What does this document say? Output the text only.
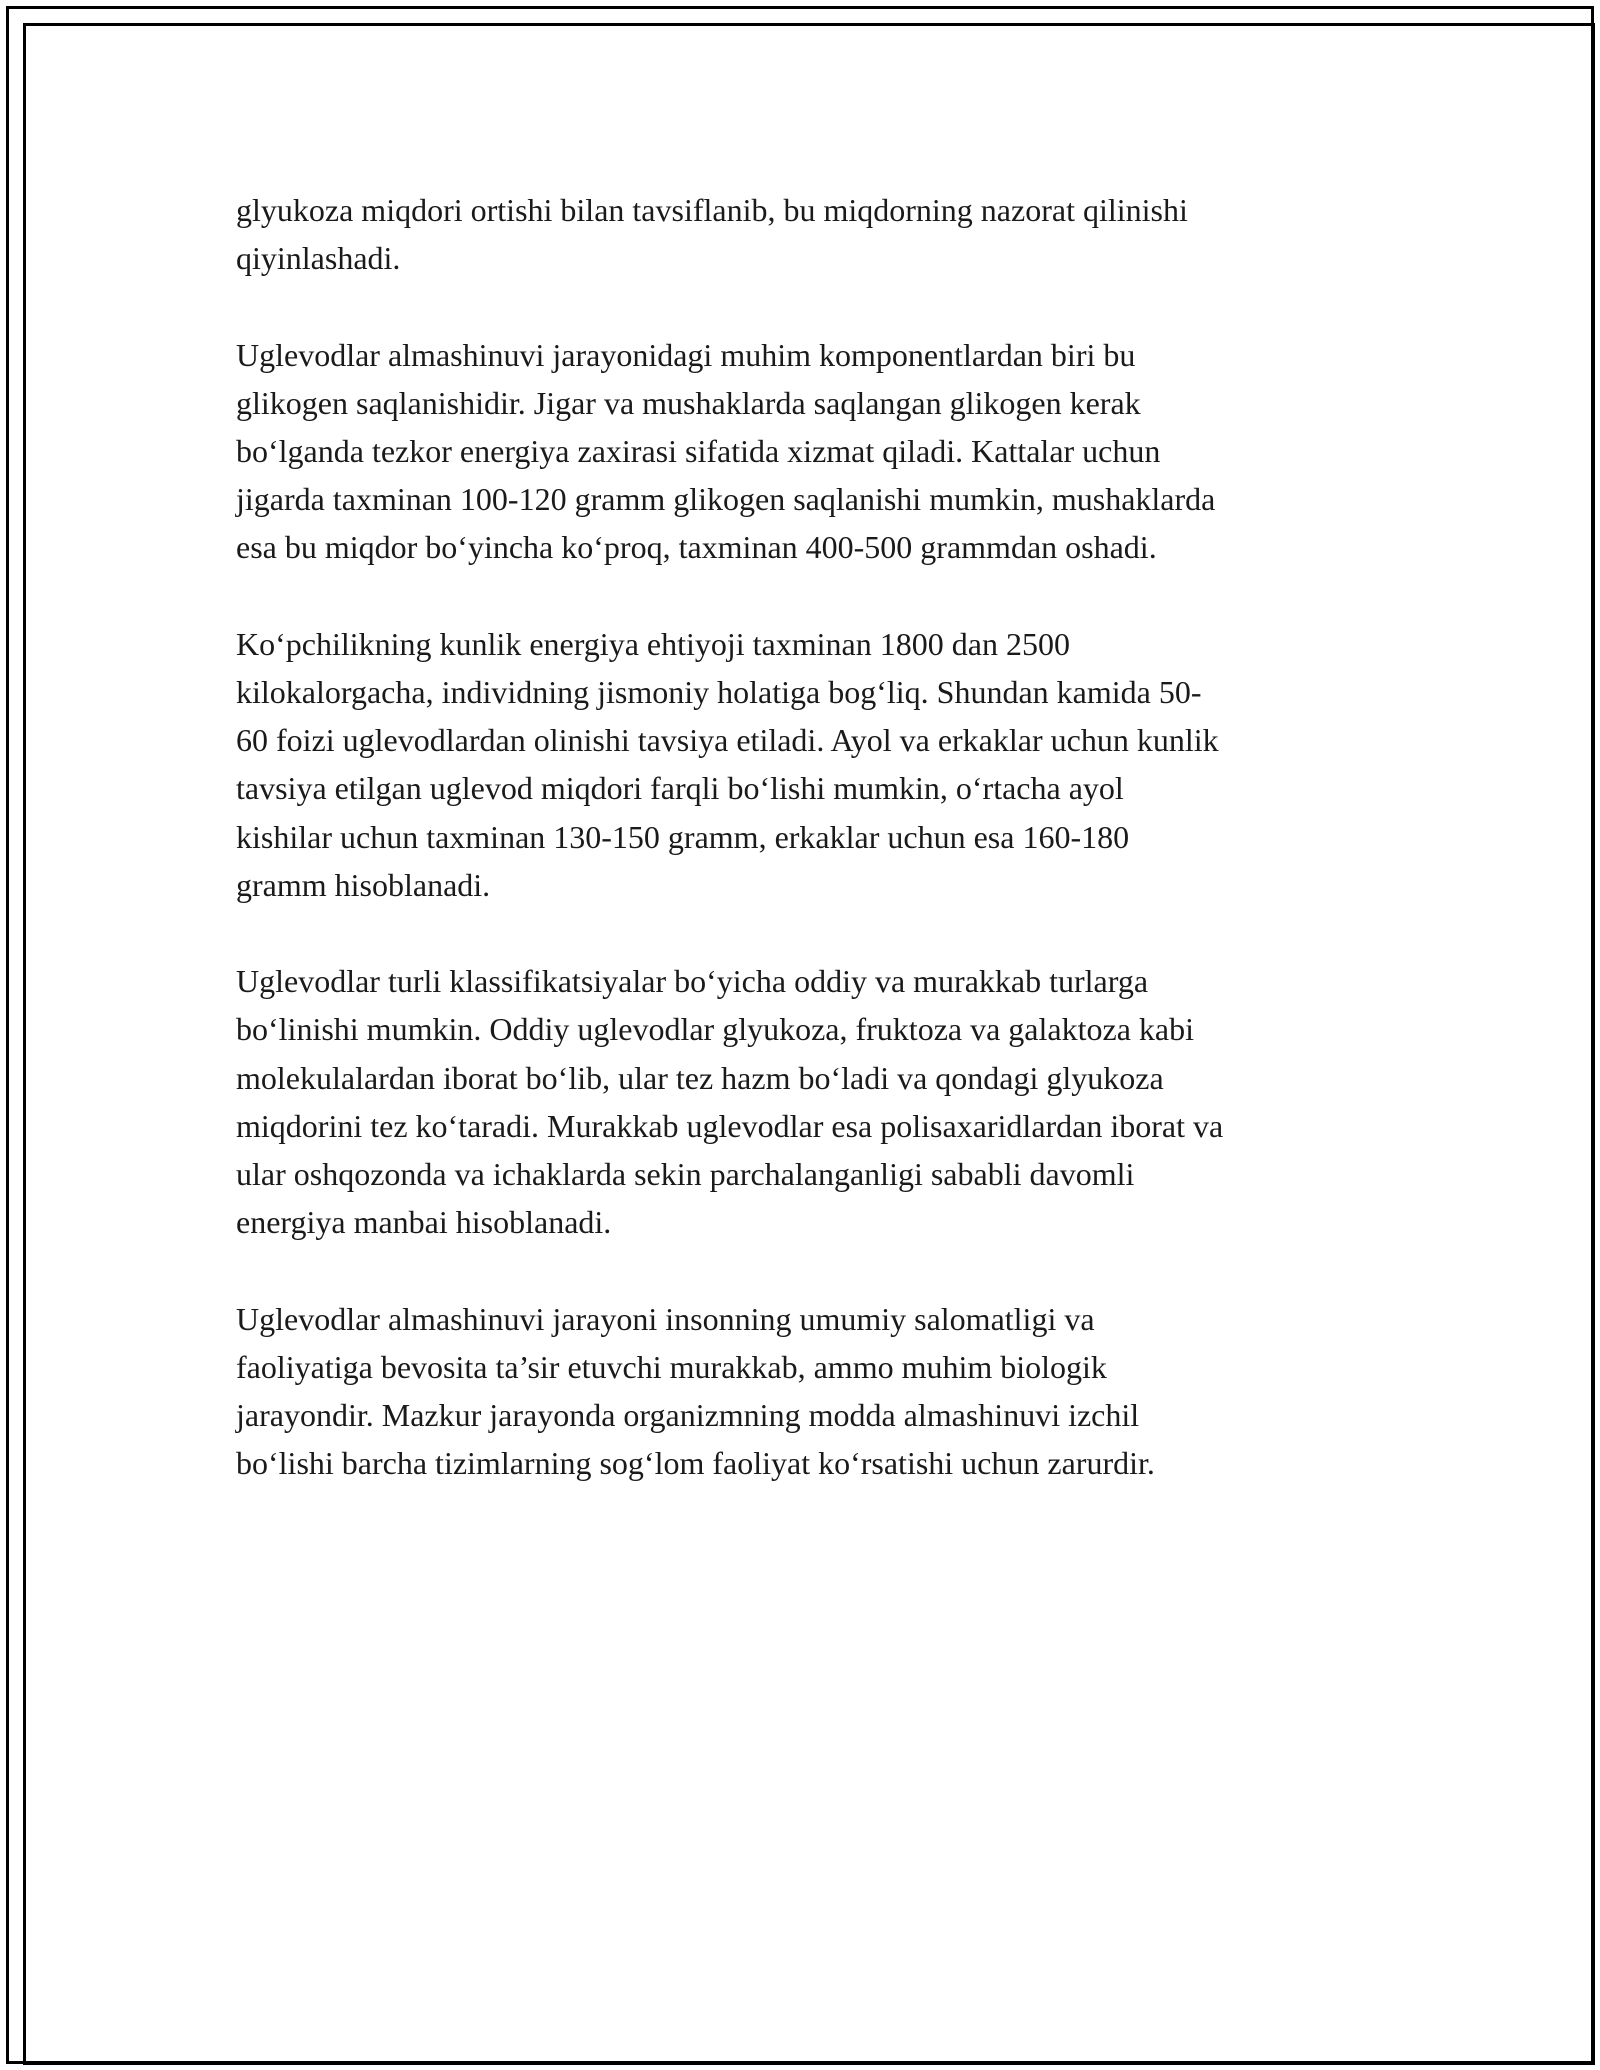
glyukoza miqdori ortishi bilan tavsiflanib, bu miqdorning nazorat qilinishi
qiyinlashadi.

Uglevodlar almashinuvi jarayonidagi muhim komponentlardan biri bu
glikogen saqlanishidir. Jigar va mushaklarda saqlangan glikogen kerak
bo‘lganda tezkor energiya zaxirasi sifatida xizmat qiladi. Kattalar uchun
jigarda taxminan 100-120 gramm glikogen saqlanishi mumkin, mushaklarda
esa bu miqdor bo‘yincha ko‘proq, taxminan 400-500 grammdan oshadi.

Ko‘pchilikning kunlik energiya ehtiyoji taxminan 1800 dan 2500
kilokalorgacha, individning jismoniy holatiga bog‘liq. Shundan kamida 50-
60 foizi uglevodlardan olinishi tavsiya etiladi. Ayol va erkaklar uchun kunlik
tavsiya etilgan uglevod miqdori farqli bo‘lishi mumkin, o‘rtacha ayol
kishilar uchun taxminan 130-150 gramm, erkaklar uchun esa 160-180
gramm hisoblanadi.

Uglevodlar turli klassifikatsiyalar bo‘yicha oddiy va murakkab turlarga
bo‘linishi mumkin. Oddiy uglevodlar glyukoza, fruktoza va galaktoza kabi
molekulalardan iborat bo‘lib, ular tez hazm bo‘ladi va qondagi glyukoza
miqdorini tez ko‘taradi. Murakkab uglevodlar esa polisaxaridlardan iborat va
ular oshqozonda va ichaklarda sekin parchalanganligi sababli davomli
energiya manbai hisoblanadi.

Uglevodlar almashinuvi jarayoni insonning umumiy salomatligi va
faoliyatiga bevosita ta’sir etuvchi murakkab, ammo muhim biologik
jarayondir. Mazkur jarayonda organizmning modda almashinuvi izchil
bo‘lishi barcha tizimlarning sog‘lom faoliyat ko‘rsatishi uchun zarurdir.
